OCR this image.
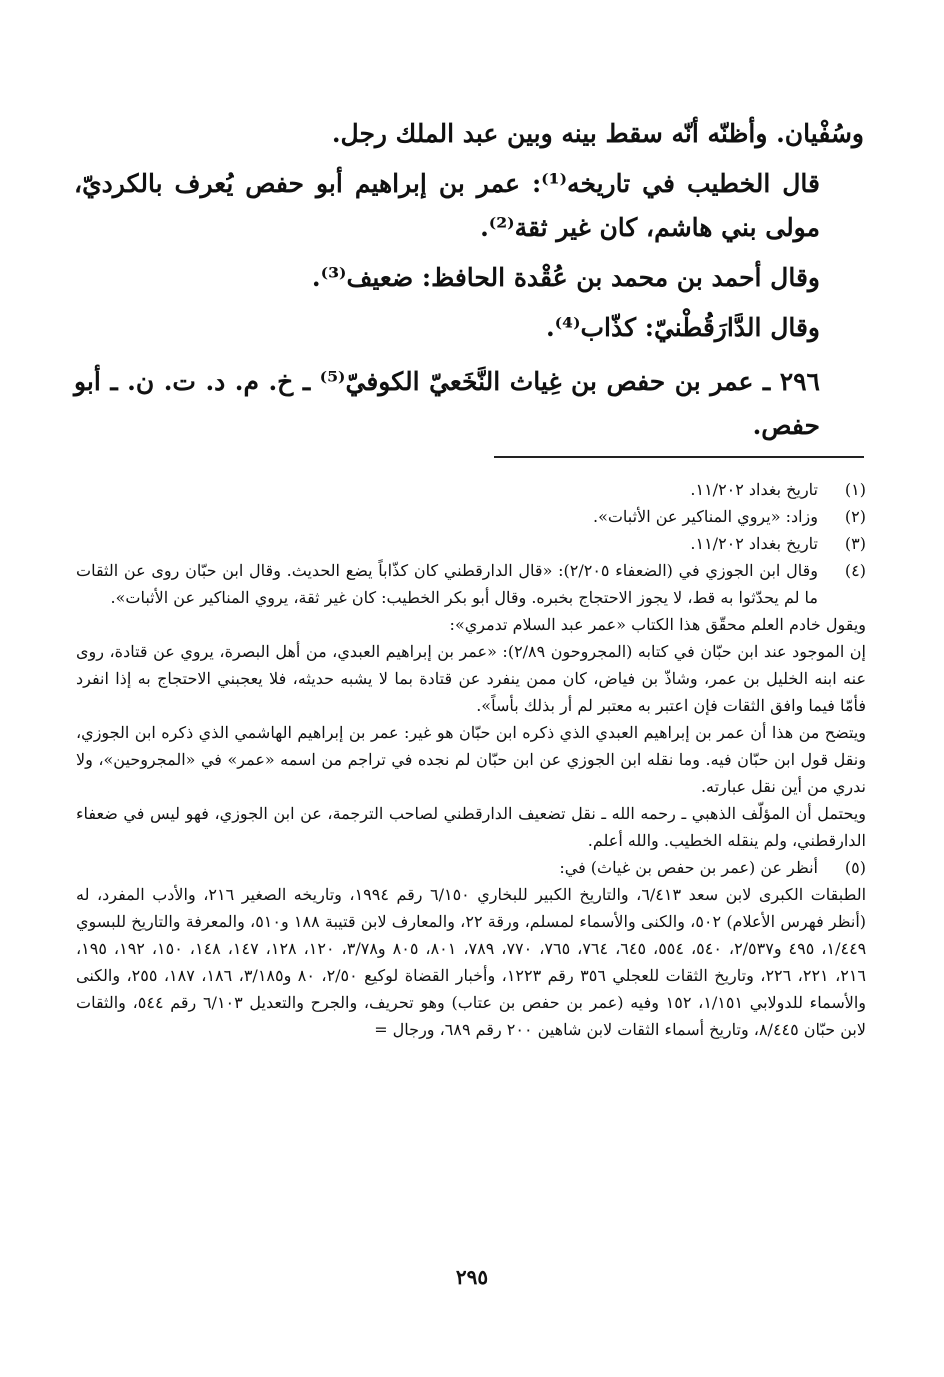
وسُفْيان. وأظنّه أنّه سقط بينه وبين عبد الملك رجل.

قال الخطيب في تاريخه⁽¹⁾: عمر بن إبراهيم أبو حفص يُعرف بالكرديّ، مولى بني هاشم، كان غير ثقة⁽²⁾.

وقال أحمد بن محمد بن عُقْدة الحافظ: ضعيف⁽³⁾.

وقال الدَّارَقُطْنيّ: كذّاب⁽⁴⁾.

٢٩٦ ـ عمر بن حفص بن غِياث النَّخَعيّ الكوفيّ⁽⁵⁾ ـ خ. م. د. ت. ن. ـ أبو حفص.

(١)

تاريخ بغداد ١١/٢٠٢.

(٢)

وزاد: «يروي المناكير عن الأثبات».

(٣)

تاريخ بغداد ١١/٢٠٢.

(٤)

وقال ابن الجوزي في (الضعفاء ٢/٢٠٥): «قال الدارقطني كان كذّاباً يضع الحديث. وقال ابن حبّان روى عن الثقات ما لم يحدّثوا به قط، لا يجوز الاحتجاج بخبره. وقال أبو بكر الخطيب: كان غير ثقة، يروي المناكير عن الأثبات».

ويقول خادم العلم محقّق هذا الكتاب «عمر عبد السلام تدمري»:

إن الموجود عند ابن حبّان في كتابه (المجروحون ٢/٨٩): «عمر بن إبراهيم العبدي، من أهل البصرة، يروي عن قتادة، روى عنه ابنه الخليل بن عمر، وشاذّ بن فياض، كان ممن ينفرد عن قتادة بما لا يشبه حديثه، فلا يعجبني الاحتجاج به إذا انفرد فأمّا فيما وافق الثقات فإن اعتبر به معتبر لم أر بذلك بأساً».

ويتضح من هذا أن عمر بن إبراهيم العبدي الذي ذكره ابن حبّان هو غير: عمر بن إبراهيم الهاشمي الذي ذكره ابن الجوزي، ونقل قول ابن حبّان فيه. وما نقله ابن الجوزي عن ابن حبّان لم نجده في تراجم من اسمه «عمر» في «المجروحين»، ولا ندري من أين نقل عبارته.

ويحتمل أن المؤلّف الذهبي ـ رحمه الله ـ نقل تضعيف الدارقطني لصاحب الترجمة، عن ابن الجوزي، فهو ليس في ضعفاء الدارقطني، ولم ينقله الخطيب. والله أعلم.

(٥)

أنظر عن (عمر بن حفص بن غياث) في:

الطبقات الكبرى لابن سعد ٦/٤١٣، والتاريخ الكبير للبخاري ٦/١٥٠ رقم ١٩٩٤، وتاريخه الصغير ٢١٦، والأدب المفرد، له (أنظر فهرس الأعلام) ٥٠٢، والكنى والأسماء لمسلم، ورقة ٢٢، والمعارف لابن قتيبة ١٨٨ و٥١٠، والمعرفة والتاريخ للبسوي ١/٤٤٩، ٤٩٥ و٢/٥٣٧، ٥٤٠، ٥٥٤، ٦٤٥، ٧٦٤، ٧٦٥، ٧٧٠، ٧٨٩، ٨٠١، ٨٠٥ و٣/٧٨، ١٢٠، ١٢٨، ١٤٧، ١٤٨، ١٥٠، ١٩٢، ١٩٥، ٢١٦، ٢٢١، ٢٢٦، وتاريخ الثقات للعجلي ٣٥٦ رقم ١٢٢٣، وأخبار القضاة لوكيع ٢/٥٠، ٨٠ و٣/١٨٥، ١٨٦، ١٨٧، ٢٥٥، والكنى والأسماء للدولابي ١/١٥١، ١٥٢ وفيه (عمر بن حفص بن عتاب) وهو تحريف، والجرح والتعديل ٦/١٠٣ رقم ٥٤٤، والثقات لابن حبّان ٨/٤٤٥، وتاريخ أسماء الثقات لابن شاهين ٢٠٠ رقم ٦٨٩، ورجال =

٢٩٥
